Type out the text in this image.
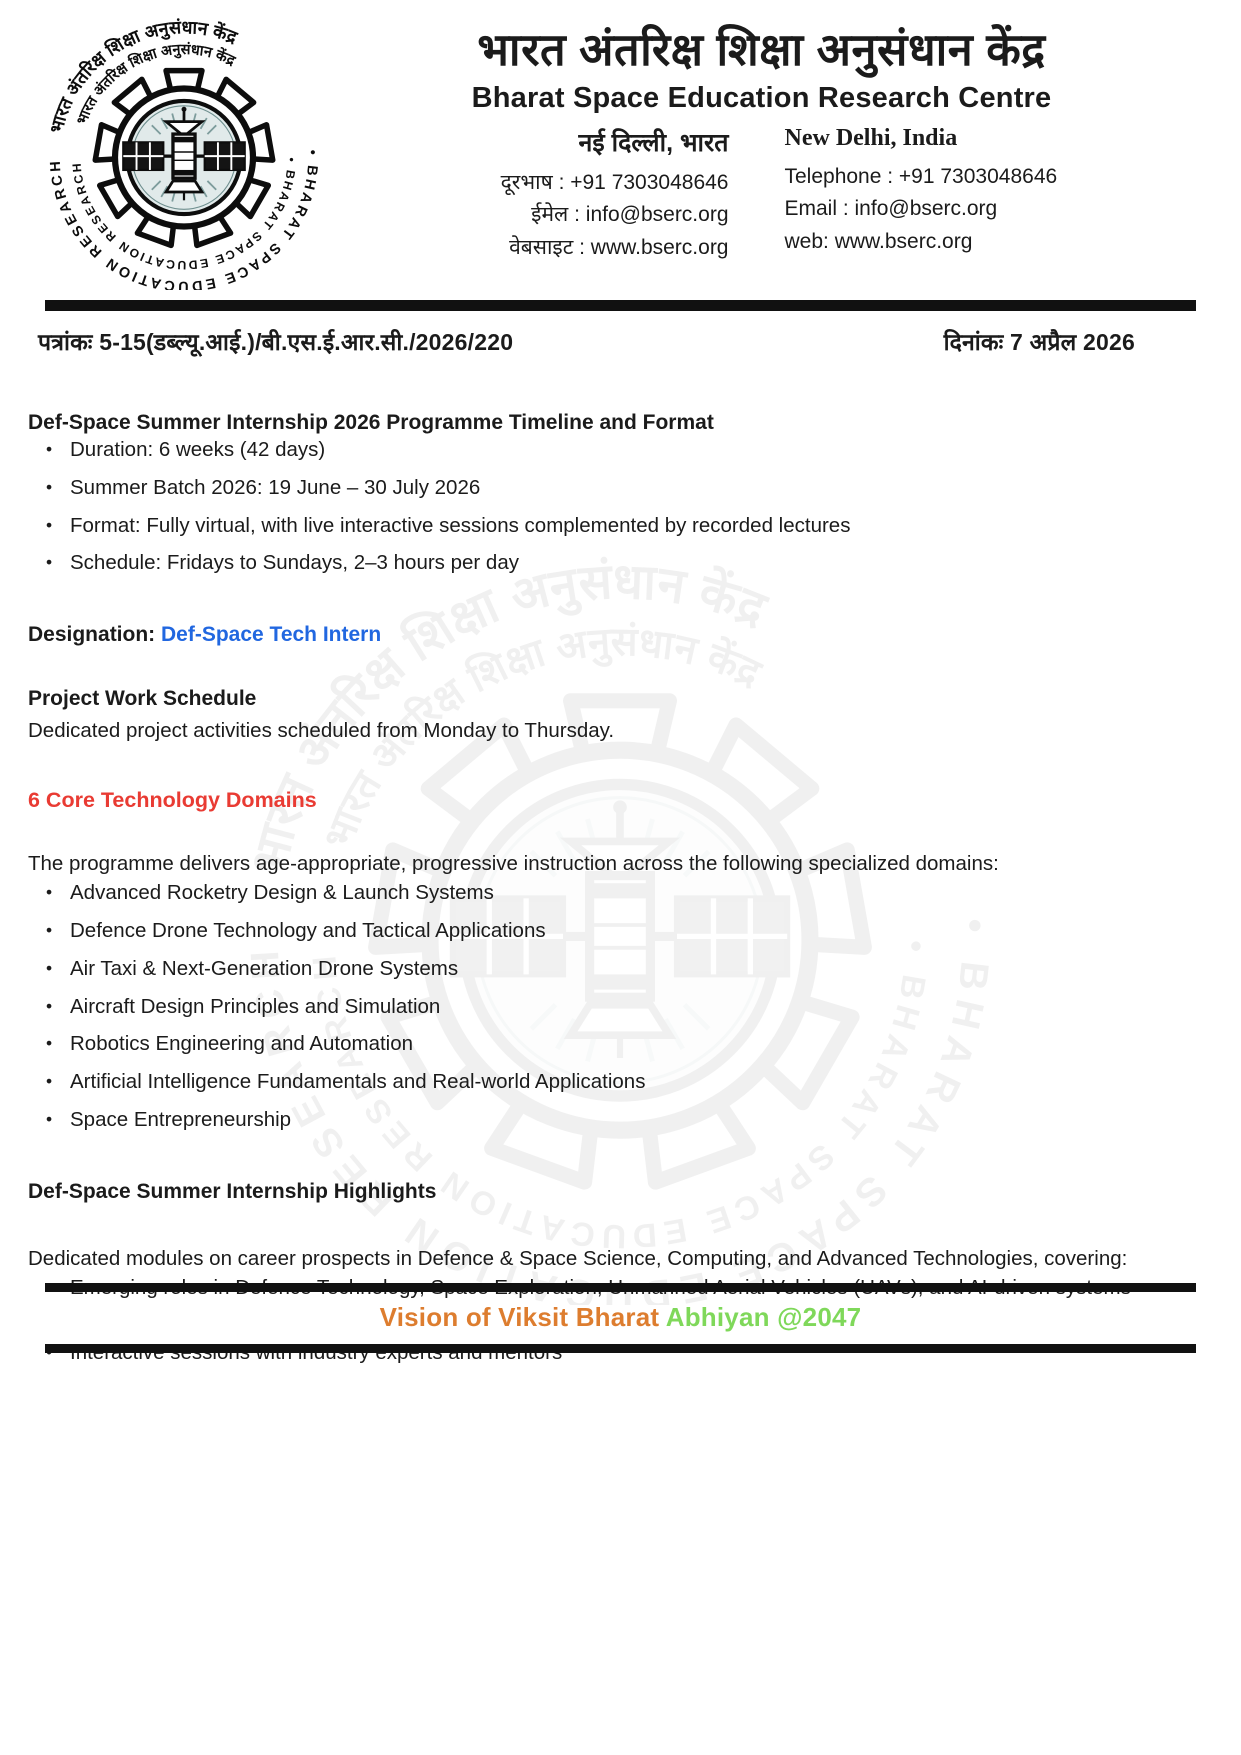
भारत अंतरिक्ष शिक्षा अनुसंधान केंद्र
Bharat Space Education Research Centre
नई दिल्ली, भारत
दूरभाष : +91 7303048646
ईमेल : info@bserc.org
वेबसाइट : www.bserc.org
New Delhi, India
Telephone : +91 7303048646
Email : info@bserc.org
web: www.bserc.org
पत्रांकः 5-15(डब्ल्यू.आई.)/बी.एस.ई.आर.सी./2026/220	दिनांकः 7 अप्रैल 2026
Def-Space Summer Internship 2026 Programme Timeline and Format
• Duration: 6 weeks (42 days)
• Summer Batch 2026: 19 June – 30 July 2026
• Format: Fully virtual, with live interactive sessions complemented by recorded lectures
• Schedule: Fridays to Sundays, 2–3 hours per day
Designation: Def-Space Tech Intern
Project Work Schedule
Dedicated project activities scheduled from Monday to Thursday.
6 Core Technology Domains
The programme delivers age-appropriate, progressive instruction across the following specialized domains:
• Advanced Rocketry Design & Launch Systems
• Defence Drone Technology and Tactical Applications
• Air Taxi & Next-Generation Drone Systems
• Aircraft Design Principles and Simulation
• Robotics Engineering and Automation
• Artificial Intelligence Fundamentals and Real-world Applications
• Space Entrepreneurship
Def-Space Summer Internship Highlights
Dedicated modules on career prospects in Defence & Space Science, Computing, and Advanced Technologies, covering:
•
•
Vision of Viksit Bharat Abhiyan @2047
